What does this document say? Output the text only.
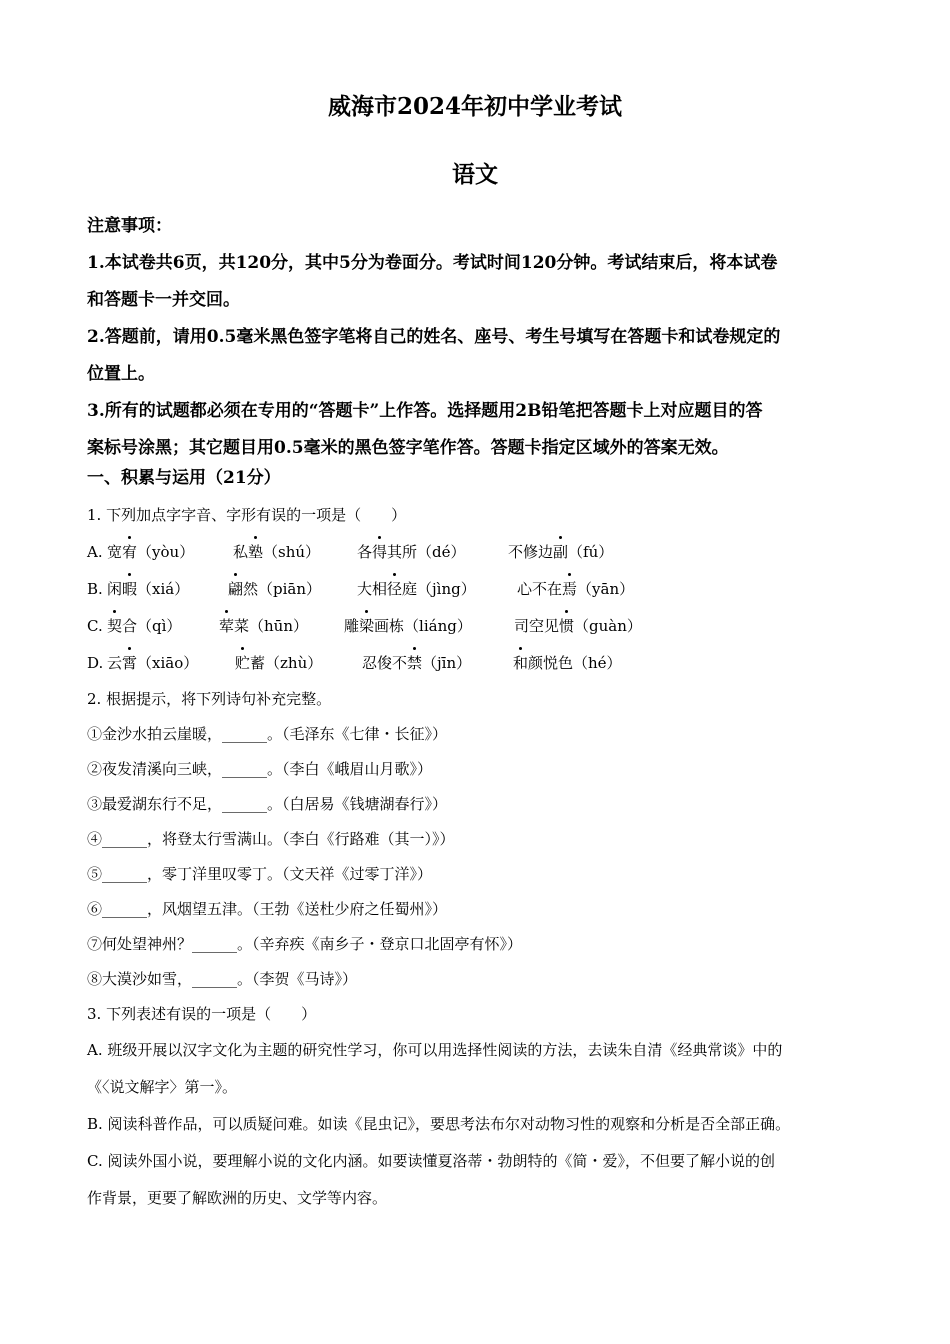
威海市2024年初中学业考试
语文
注意事项：
1.本试卷共6页，共120分，其中5分为卷面分。考试时间120分钟。考试结束后，将本试卷
和答题卡一并交回。
2.答题前，请用0.5毫米黑色签字笔将自己的姓名、座号、考生号填写在答题卡和试卷规定的
位置上。
3.所有的试题都必须在专用的“答题卡”上作答。选择题用2B铅笔把答题卡上对应题目的答
案标号涂黑；其它题目用0.5毫米的黑色签字笔作答。答题卡指定区域外的答案无效。
一、积累与运用（21分）
1. 下列加点字字音、字形有误的一项是（　　）
A. 宽宥（yòu）	私塾（shú） 各得其所（dé）	不修边副（fú）
B. 闲暇（xiá）	翩然（piān） 大相径庭（jìng）	心不在焉（yān）
C. 契合（qì）	荤菜（hūn） 雕梁画栋（liáng）	司空见惯（guàn）
D. 云霄（xiāo） 贮蓄（zhù）	忍俊不禁（jīn）	和颜悦色（hé）
2. 根据提示，将下列诗句补充完整。
①金沙水拍云崖暖，______。（毛泽东《七律・长征》）
②夜发清溪向三峡，______。（李白《峨眉山月歌》）
③最爱湖东行不足，______。（白居易《钱塘湖春行》）
④______，将登太行雪满山。（李白《行路难（其一）》）
⑤______，零丁洋里叹零丁。（文天祥《过零丁洋》）
⑥______，风烟望五津。（王勃《送杜少府之任蜀州》）
⑦何处望神州？______。（辛弃疾《南乡子・登京口北固亭有怀》）
⑧大漠沙如雪，______。（李贺《马诗》）
3. 下列表述有误的一项是（　　）
A. 班级开展以汉字文化为主题的研究性学习，你可以用选择性阅读的方法，去读朱自清《经典常谈》中的
《〈说文解字〉第一》。
B. 阅读科普作品，可以质疑问难。如读《昆虫记》，要思考法布尔对动物习性的观察和分析是否全部正确。
C. 阅读外国小说，要理解小说的文化内涵。如要读懂夏洛蒂・勃朗特的《简・爱》，不但要了解小说的创
作背景，更要了解欧洲的历史、文学等内容。
